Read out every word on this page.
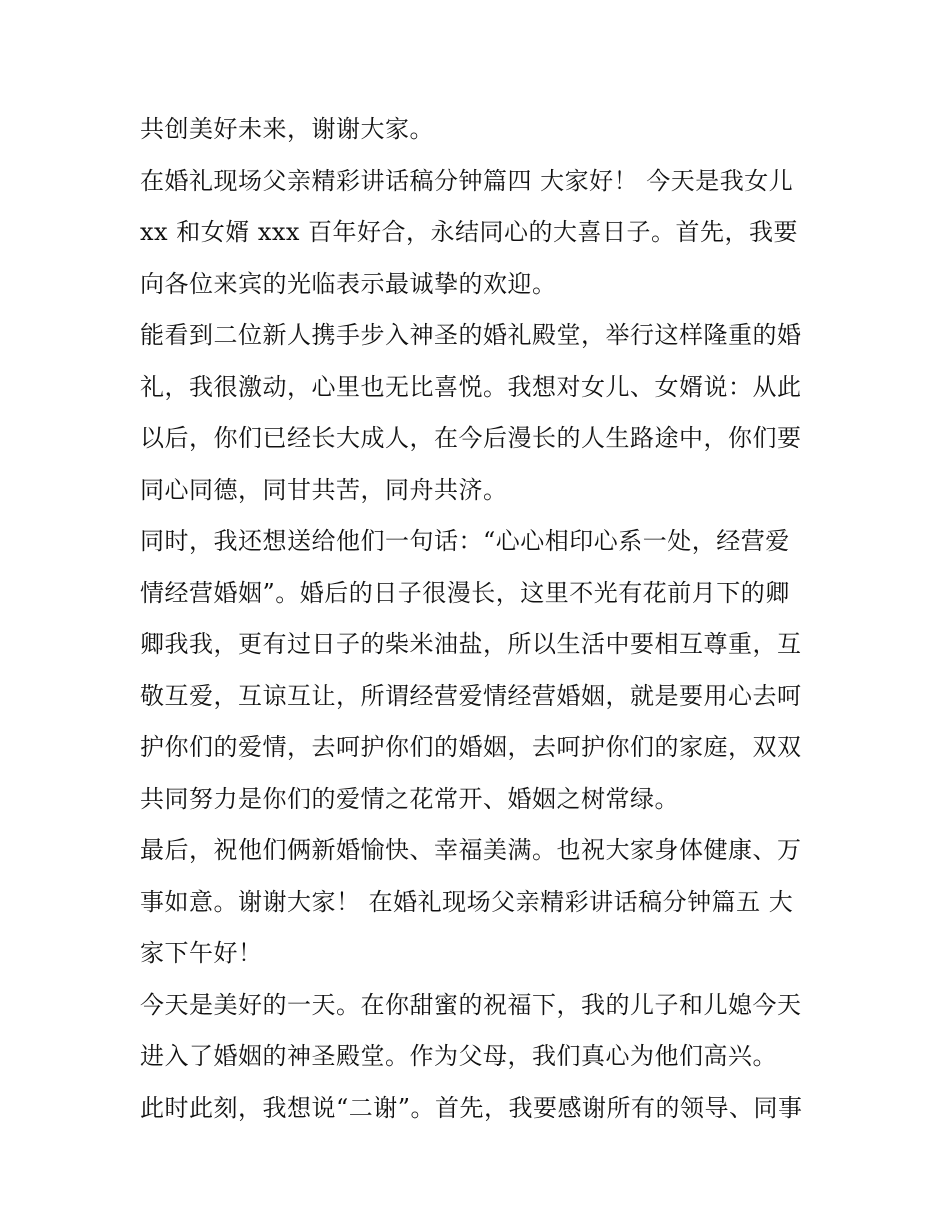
共创美好未来，谢谢大家。
在婚礼现场父亲精彩讲话稿分钟篇四 大家好！ 今天是我女儿
xx 和女婿 xxx 百年好合，永结同心的大喜日子。首先，我要
向各位来宾的光临表示最诚挚的欢迎。
能看到二位新人携手步入神圣的婚礼殿堂，举行这样隆重的婚
礼，我很激动，心里也无比喜悦。我想对女儿、女婿说：从此
以后，你们已经长大成人，在今后漫长的人生路途中，你们要
同心同德，同甘共苦，同舟共济。
同时，我还想送给他们一句话：“心心相印心系一处，经营爱
情经营婚姻”。婚后的日子很漫长，这里不光有花前月下的卿
卿我我，更有过日子的柴米油盐，所以生活中要相互尊重，互
敬互爱，互谅互让，所谓经营爱情经营婚姻，就是要用心去呵
护你们的爱情，去呵护你们的婚姻，去呵护你们的家庭，双双
共同努力是你们的爱情之花常开、婚姻之树常绿。
最后，祝他们俩新婚愉快、幸福美满。也祝大家身体健康、万
事如意。谢谢大家！ 在婚礼现场父亲精彩讲话稿分钟篇五 大
家下午好！
今天是美好的一天。在你甜蜜的祝福下，我的儿子和儿媳今天
进入了婚姻的神圣殿堂。作为父母，我们真心为他们高兴。
此时此刻，我想说“二谢”。首先，我要感谢所有的领导、同事
